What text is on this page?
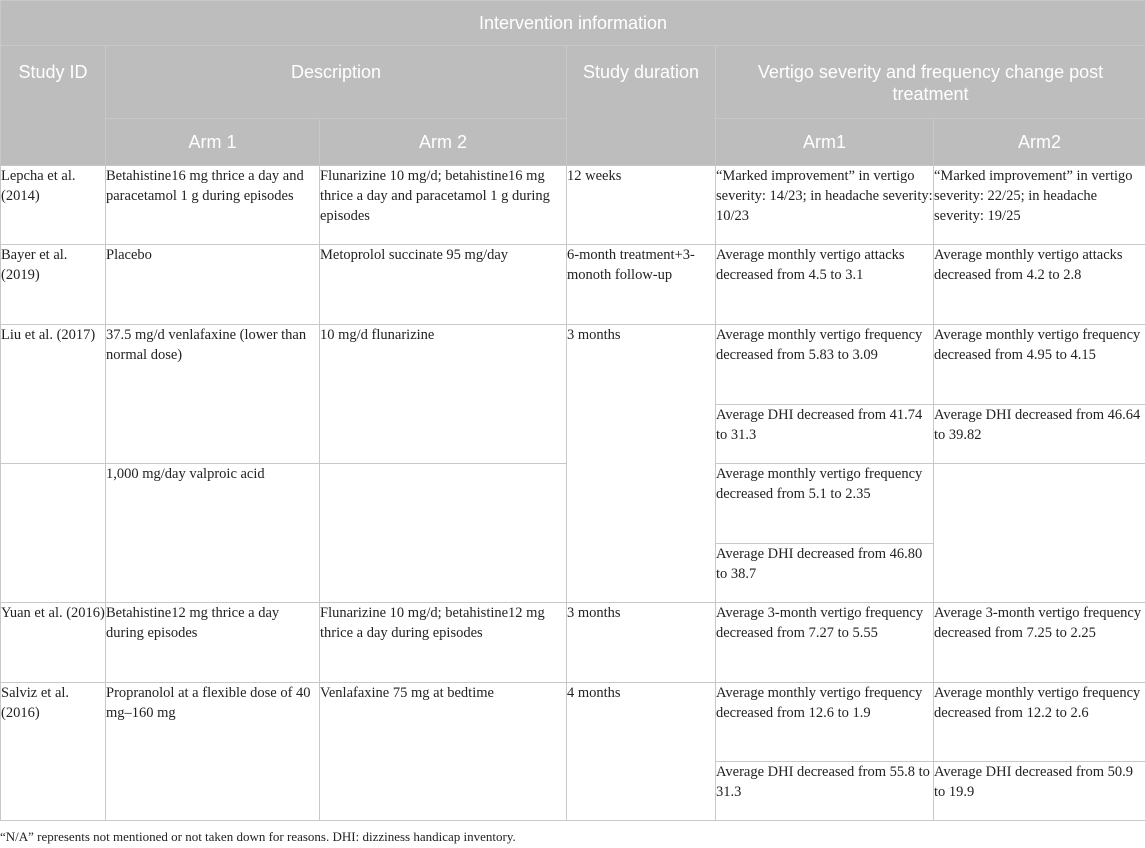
Intervention information					
Study ID	Description		Study duration	Vertigo severity and frequency change post treatment	
	Arm 1	Arm 2		Arm1	Arm2
Lepcha et al. (2014)	Betahistine16 mg thrice a day and paracetamol 1 g during episodes	Flunarizine 10 mg/d; betahistine16 mg thrice a day and paracetamol 1 g during episodes	12 weeks	“Marked improvement” in vertigo severity: 14/23; in headache severity: 10/23	“Marked improvement” in vertigo severity: 22/25; in headache severity: 19/25
Bayer et al. (2019)	Placebo	Metoprolol succinate 95 mg/day	6-month treatment+3-monoth follow-up	Average monthly vertigo attacks decreased from 4.5 to 3.1	Average monthly vertigo attacks decreased from 4.2 to 2.8
Liu et al. (2017)	37.5 mg/d venlafaxine (lower than normal dose)	10 mg/d flunarizine	3 months	Average monthly vertigo frequency decreased from 5.83 to 3.09	Average monthly vertigo frequency decreased from 4.95 to 4.15
				Average DHI decreased from 41.74 to 31.3	Average DHI decreased from 46.64 to 39.82
	1,000 mg/day valproic acid			Average monthly vertigo frequency decreased from 5.1 to 2.35	
				Average DHI decreased from 46.80 to 38.7	
Yuan et al. (2016)	Betahistine12 mg thrice a day during episodes	Flunarizine 10 mg/d; betahistine12 mg thrice a day during episodes	3 months	Average 3-month vertigo frequency decreased from 7.27 to 5.55	Average 3-month vertigo frequency decreased from 7.25 to 2.25
Salviz et al. (2016)	Propranolol at a flexible dose of 40 mg–160 mg	Venlafaxine 75 mg at bedtime	4 months	Average monthly vertigo frequency decreased from 12.6 to 1.9	Average monthly vertigo frequency decreased from 12.2 to 2.6
				Average DHI decreased from 55.8 to 31.3	Average DHI decreased from 50.9 to 19.9
“N/A” represents not mentioned or not taken down for reasons. DHI: dizziness handicap inventory.
